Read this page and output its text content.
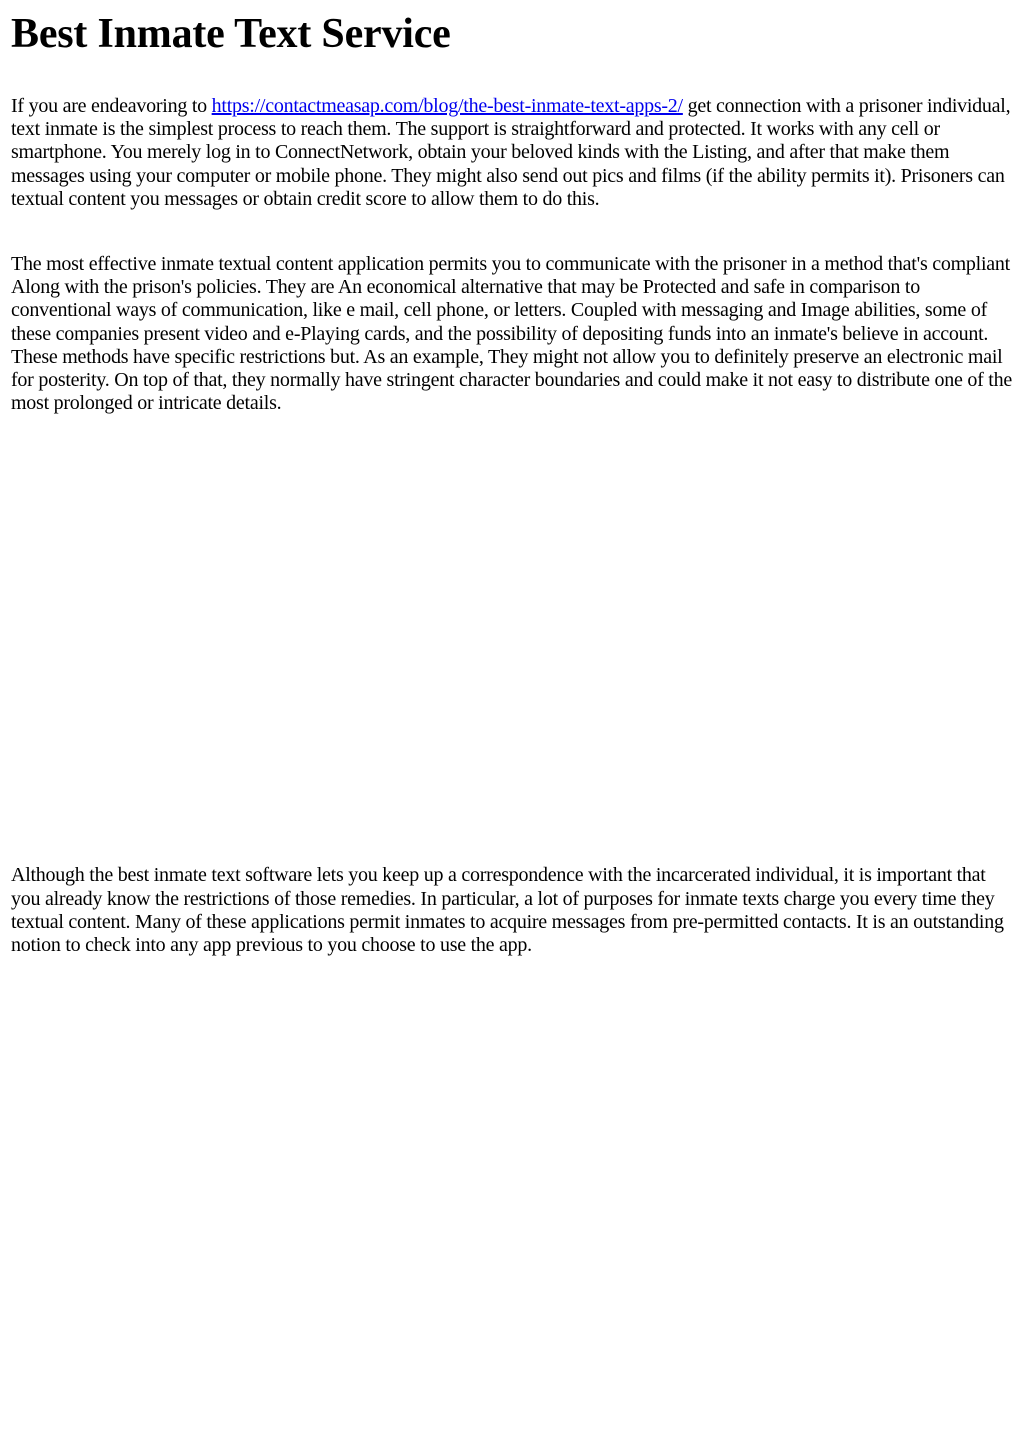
Best Inmate Text Service

If you are endeavoring to https://contactmeasap.com/blog/the-best-inmate-text-apps-2/ get connection with a prisoner individual, text inmate is the simplest process to reach them. The support is straightforward and protected. It works with any cell or smartphone. You merely log in to ConnectNetwork, obtain your beloved kinds with the Listing, and after that make them messages using your computer or mobile phone. They might also send out pics and films (if the ability permits it). Prisoners can textual content you messages or obtain credit score to allow them to do this.

The most effective inmate textual content application permits you to communicate with the prisoner in a method that's compliant Along with the prison's policies. They are An economical alternative that may be Protected and safe in comparison to conventional ways of communication, like e mail, cell phone, or letters. Coupled with messaging and Image abilities, some of these companies present video and e-Playing cards, and the possibility of depositing funds into an inmate's believe in account. These methods have specific restrictions but. As an example, They might not allow you to definitely preserve an electronic mail for posterity. On top of that, they normally have stringent character boundaries and could make it not easy to distribute one of the most prolonged or intricate details.

Although the best inmate text software lets you keep up a correspondence with the incarcerated individual, it is important that you already know the restrictions of those remedies. In particular, a lot of purposes for inmate texts charge you every time they textual content. Many of these applications permit inmates to acquire messages from pre-permitted contacts. It is an outstanding notion to check into any app previous to you choose to use the app.
